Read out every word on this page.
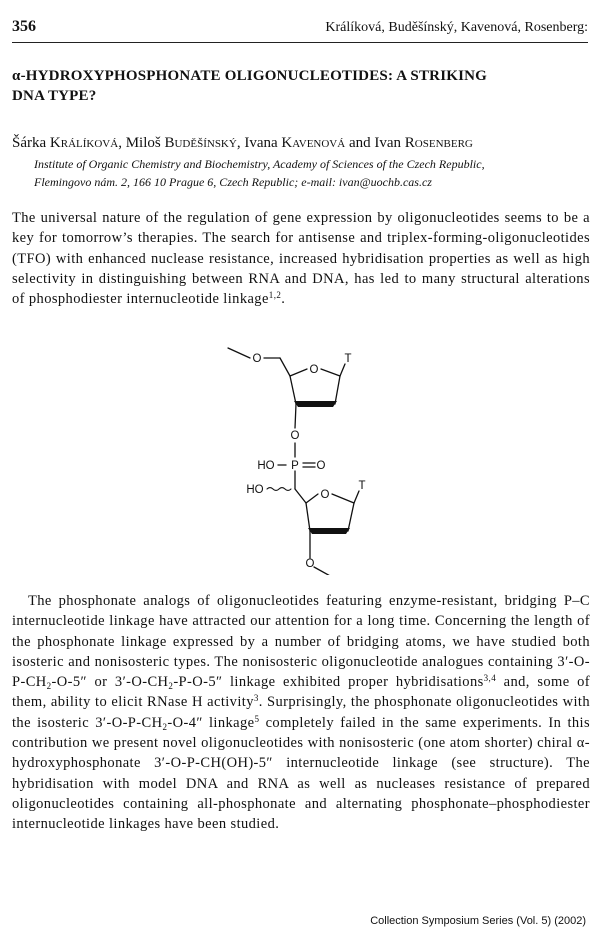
356	Králíková, Buděšínský, Kavenová, Rosenberg:
α-HYDROXYPHOSPHONATE OLIGONUCLEOTIDES: A STRIKING
DNA TYPE?
Šárka Králíková, Miloš Buděšínský, Ivana Kavenová and Ivan Rosenberg
Institute of Organic Chemistry and Biochemistry, Academy of Sciences of the Czech Republic,
Flemingovo nám. 2, 166 10 Prague 6, Czech Republic; e-mail: ivan@uochb.cas.cz

The universal nature of the regulation of gene expression by oligonucleotides seems to be a key for tomorrow’s therapies. The search for antisense and triplex-forming-oligonucleotides (TFO) with enhanced nuclease resistance, increased hybridisation properties as well as high selectivity in distinguishing between RNA and DNA, has led to many structural alterations of phosphodiester internucleotide linkage$^{1,2}$.

O
O
T
O
HO P O
HO	O
T
O

The phosphonate analogs of oligonucleotides featuring enzyme-resistant, bridging P–C internucleotide linkage have attracted our attention for a long time. Concerning the length of the phosphonate linkage expressed by a number of bridging atoms, we have studied both isosteric and nonisosteric types. The nonisosteric oligonucleotide analogues containing $3'-O-P-CH_2-O-5''$ or $3'-O-CH_2-P-O-5''$ linkage exhibited proper hybridisations$^{3,4}$ and, some of them, ability to elicit RNase H activity$^3$. Surprisingly, the phosphonate oligonucleotides with the isosteric $3'-O-P-CH_2-O-4''$ linkage$^5$ completely failed in the same experiments. In this contribution we present novel oligonucleotides with nonisosteric (one atom shorter) chiral α-hydroxyphosphonate 3′-O-P-CH(OH)-5″ internucleotide linkage (see structure). The hybridisation with model DNA and RNA as well as nucleases resistance of prepared oligonucleotides containing all-phosphonate and alternating phosphonate–phosphodiester internucleotide linkages have been studied.

Collection Symposium Series (Vol. 5) (2002)
